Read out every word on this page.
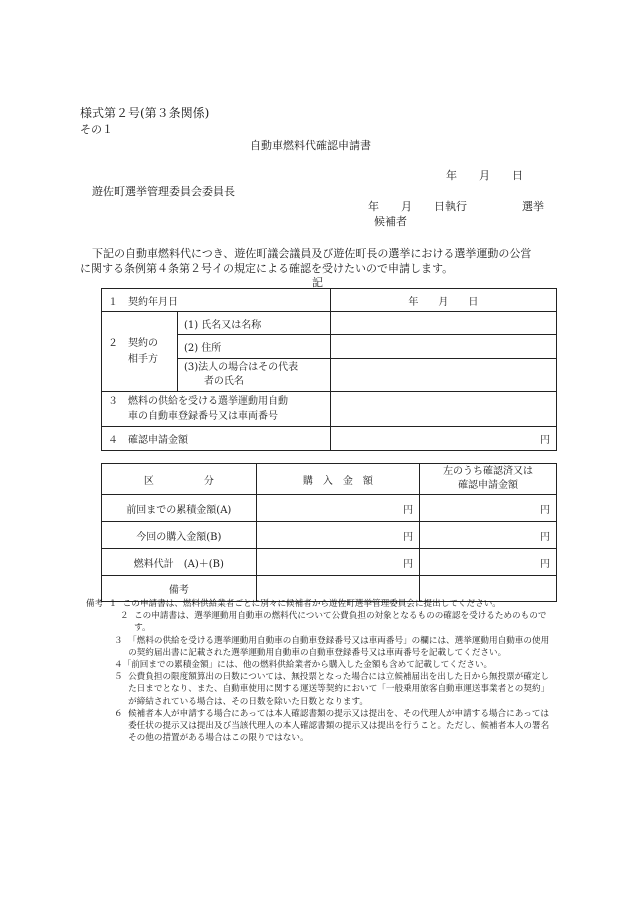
様式第２号(第３条関係)
その１
自動車燃料代確認申請書
年　　月　　日
遊佐町選挙管理委員会委員長
年　　月　　日執行　　　　　選挙
候補者
下記の自動車燃料代につき、遊佐町議会議員及び遊佐町長の選挙における選挙運動の公営
に関する条例第４条第２号イの規定による確認を受けたいので申請します。
記
１　契約年月日		年　　月　　日
２　契約の
　　相手方	(1) 氏名又は名称	
	(2) 住所	
	(3)法人の場合はその代表
　　者の氏名	
３　燃料の供給を受ける選挙運動用自動
　　車の自動車登録番号又は車両番号		
４　確認申請金額		円
区　　　　　分	購　入　金　額	左のうち確認済又は
確認申請金額
前回までの累積金額(A)	円	円
今回の購入金額(B)	円	円
燃料代計　(A)＋(B)	円	円
備考		
備考
１
この申請書は、燃料供給業者ごとに別々に候補者から遊佐町選挙管理委員会に提出してください。
２
この申請書は、選挙運動用自動車の燃料代について公費負担の対象となるものの確認を受けるためのものです。
３
「燃料の供給を受ける選挙運動用自動車の自動車登録番号又は車両番号」の欄には、選挙運動用自動車の使用の契約届出書に記載された選挙運動用自動車の自動車登録番号又は車両番号を記載してください。
４ 「前回までの累積金額」には、他の燃料供給業者から購入した金額も含めて記載してください。
５
公費負担の限度額算出の日数については、無投票となった場合には立候補届出を出した日から無投票が確定した日までとなり、また、自動車使用に関する運送等契約において「一般乗用旅客自動車運送事業者との契約」が締結されている場合は、その日数を除いた日数となります。
６
候補者本人が申請する場合にあっては本人確認書類の提示又は提出を、その代理人が申請する場合にあっては委任状の提示又は提出及び当該代理人の本人確認書類の提示又は提出を行うこと。ただし、候補者本人の署名その他の措置がある場合はこの限りではない。
